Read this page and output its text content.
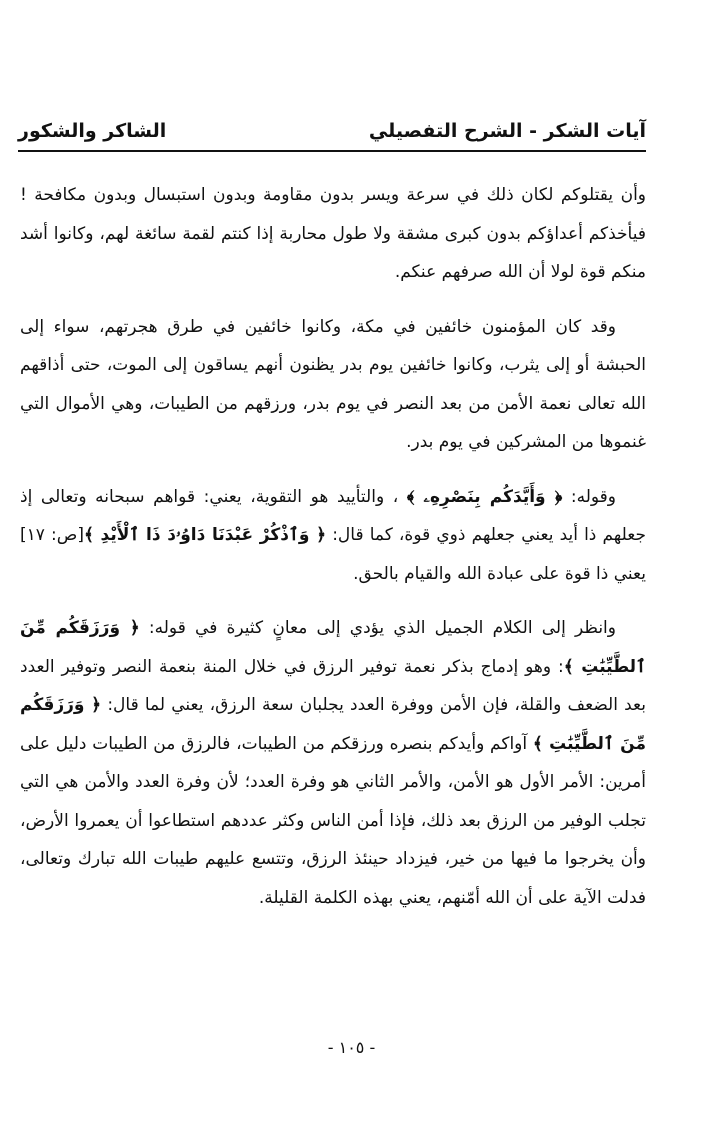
آيات الشكر - الشرح التفصيلي
الشاكر والشكور

وأن يقتلوكم لكان ذلك في سرعة ويسر بدون مقاومة وبدون استبسال وبدون مكافحة ! فيأخذكم أعداؤكم بدون كبرى مشقة ولا طول محاربة إذا كنتم لقمة سائغة لهم، وكانوا أشد منكم قوة لولا أن الله صرفهم عنكم.

وقد كان المؤمنون خائفين في مكة، وكانوا خائفين في طرق هجرتهم، سواء إلى الحبشة أو إلى يثرب، وكانوا خائفين يوم بدر يظنون أنهم يساقون إلى الموت، حتى أذاقهم الله تعالى نعمة الأمن من بعد النصر في يوم بدر، ورزقهم من الطيبات، وهي الأموال التي غنموها من المشركين في يوم بدر.

وقوله: ﴿ وَأَيَّدَكُم بِنَصْرِهِۦ ﴾ ، والتأييد هو التقوية، يعني: قواهم سبحانه وتعالى إذ جعلهم ذا أيد يعني جعلهم ذوي قوة، كما قال: ﴿ وَٱذْكُرْ عَبْدَنَا دَاوُۥدَ ذَا ٱلْأَيْدِ ﴾[ص: ١٧] يعني ذا قوة على عبادة الله والقيام بالحق.

وانظر إلى الكلام الجميل الذي يؤدي إلى معانٍ كثيرة في قوله: ﴿ وَرَزَقَكُم مِّنَ ٱلطَّيِّبَٰتِ ﴾: وهو إدماج بذكر نعمة توفير الرزق في خلال المنة بنعمة النصر وتوفير العدد بعد الضعف والقلة، فإن الأمن ووفرة العدد يجلبان سعة الرزق، يعني لما قال: ﴿ وَرَزَقَكُم مِّنَ ٱلطَّيِّبَٰتِ ﴾ آواكم وأيدكم بنصره ورزقكم من الطيبات، فالرزق من الطيبات دليل على أمرين: الأمر الأول هو الأمن، والأمر الثاني هو وفرة العدد؛ لأن وفرة العدد والأمن هي التي تجلب الوفير من الرزق بعد ذلك، فإذا أمن الناس وكثر عددهم استطاعوا أن يعمروا الأرض، وأن يخرجوا ما فيها من خير، فيزداد حينئذ الرزق، وتتسع عليهم طيبات الله تبارك وتعالى، فدلت الآية على أن الله أمّنهم، يعني بهذه الكلمة القليلة.

- ١٠٥ -
